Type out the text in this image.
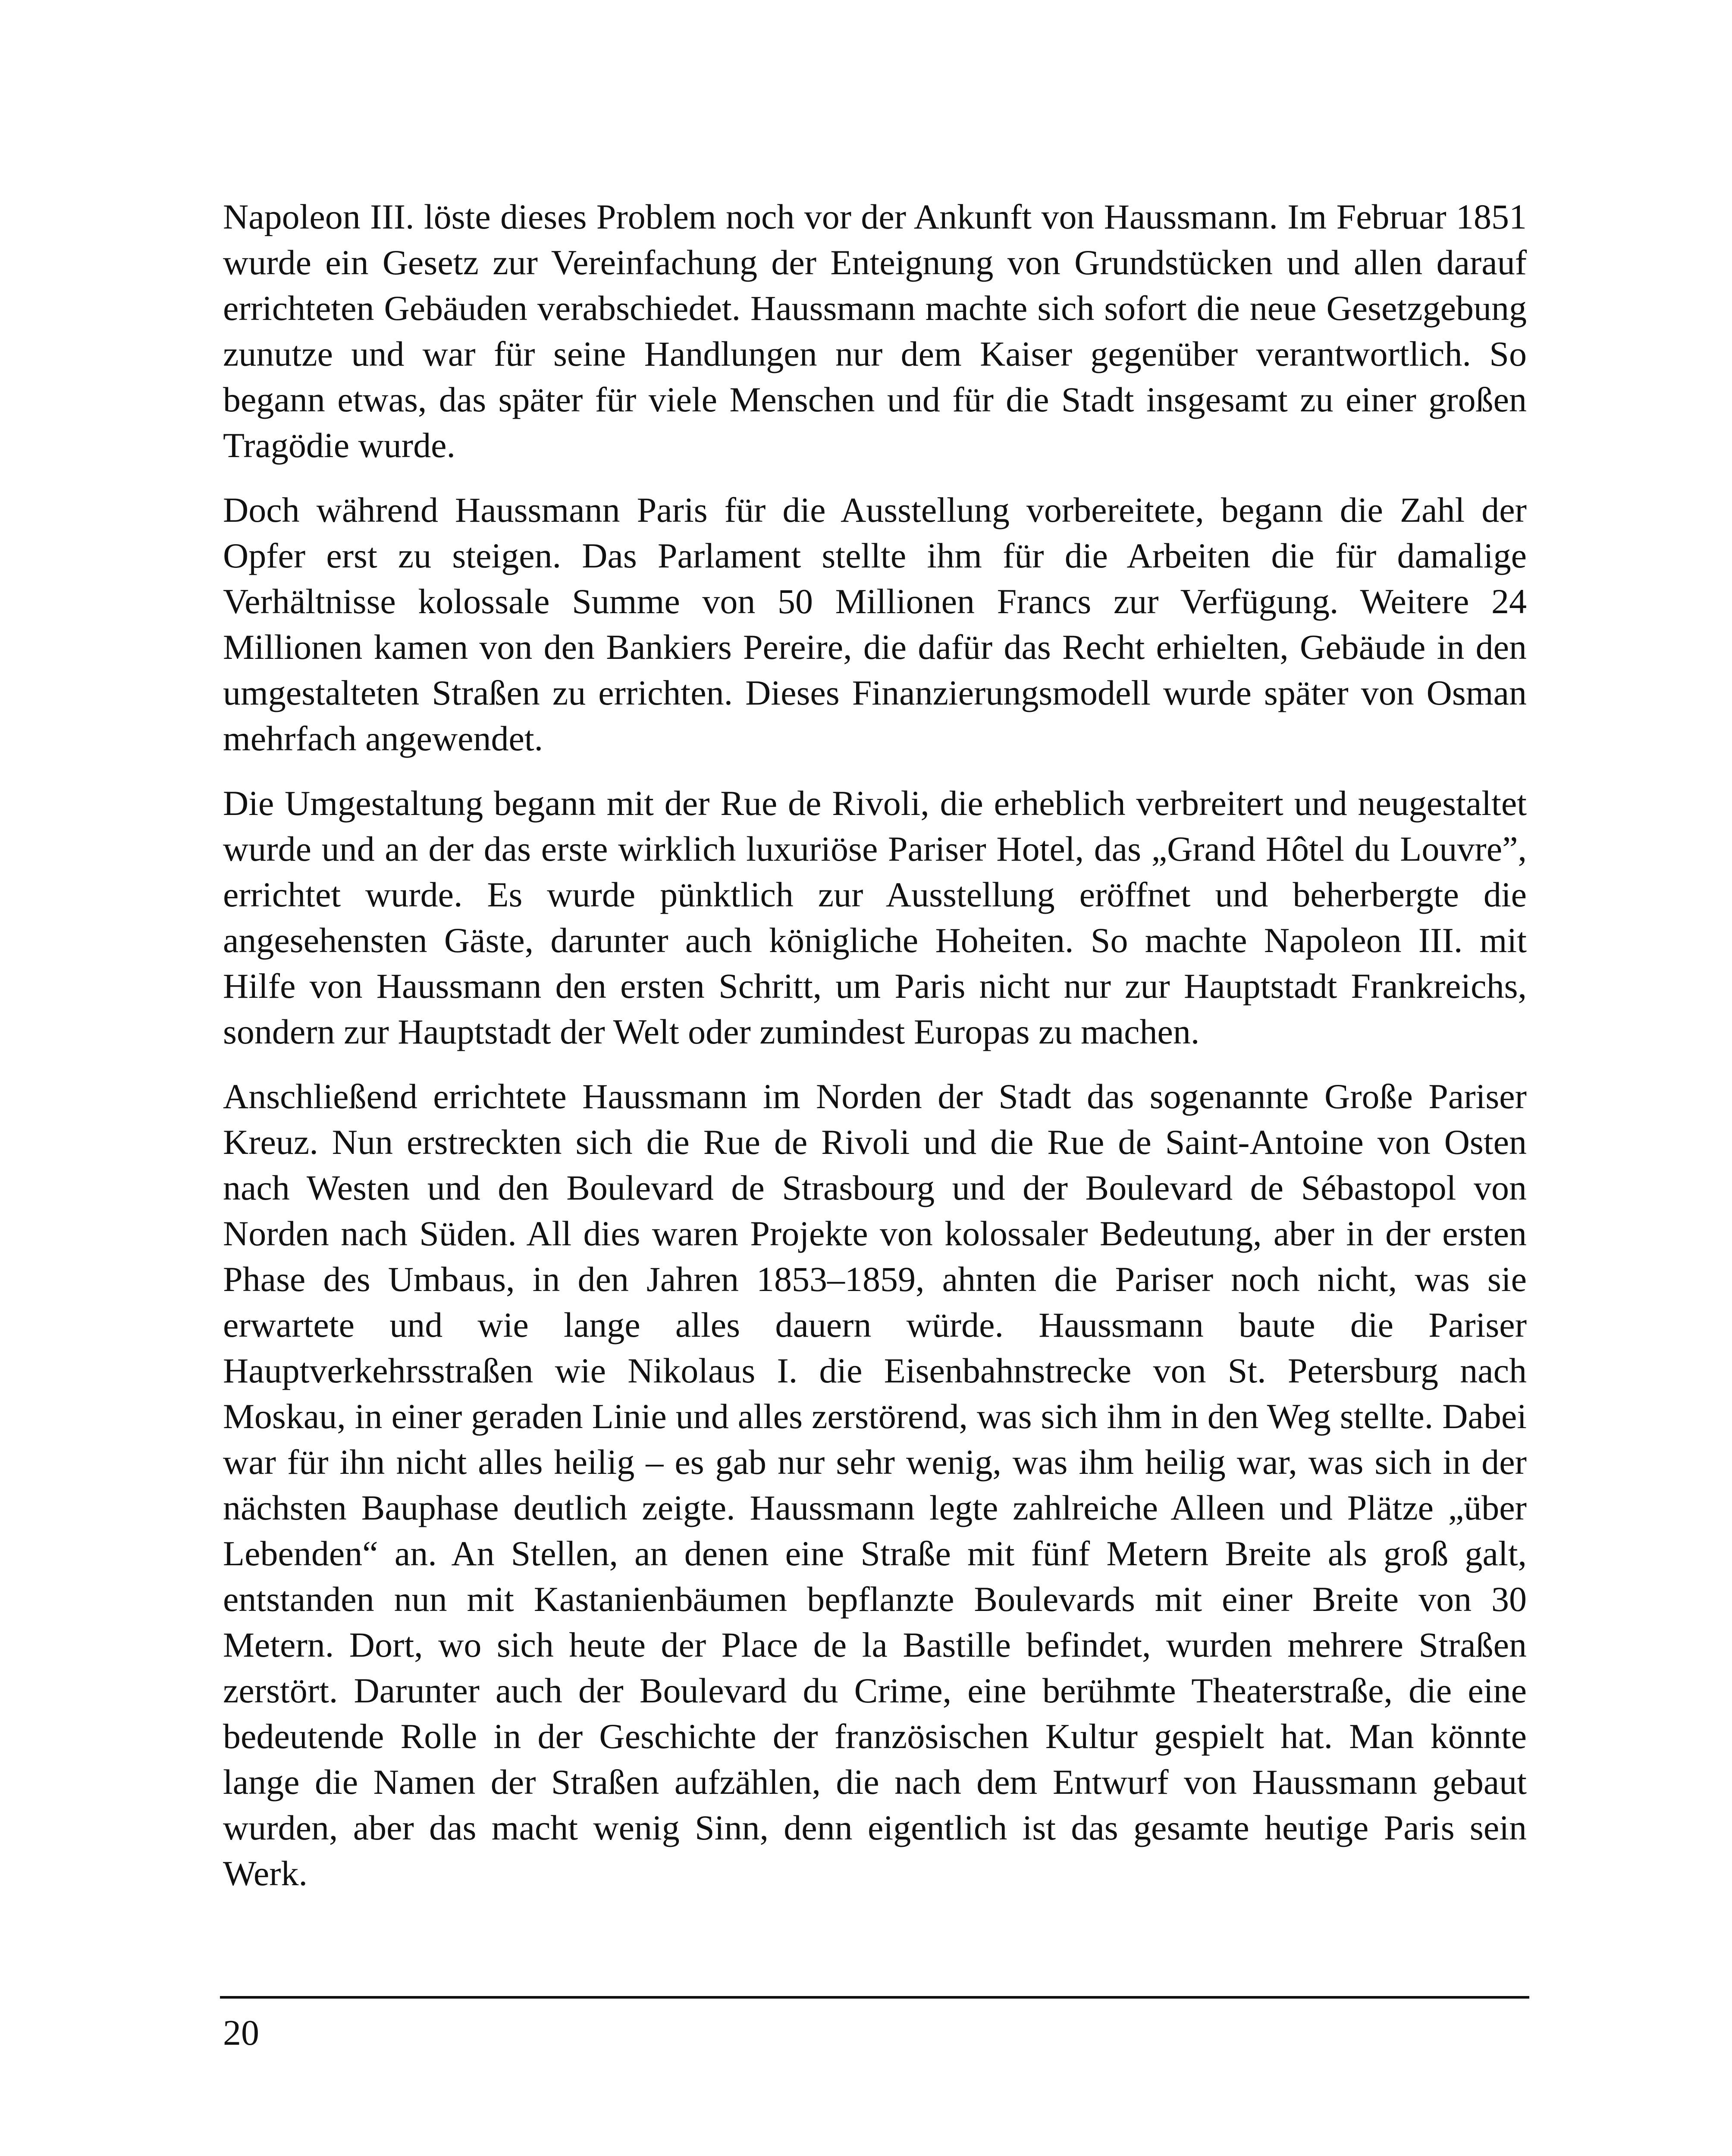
Napoleon III. löste dieses Problem noch vor der Ankunft von Haussmann. Im Februar 1851 wurde ein Gesetz zur Vereinfachung der Enteignung von Grundstücken und allen darauf errichteten Gebäuden verabschiedet. Haussmann machte sich sofort die neue Gesetzgebung zunutze und war für seine Handlungen nur dem Kaiser gegenüber verantwortlich. So begann etwas, das später für viele Menschen und für die Stadt insgesamt zu einer großen Tragödie wurde.

Doch während Haussmann Paris für die Ausstellung vorbereitete, begann die Zahl der Opfer erst zu steigen. Das Parlament stellte ihm für die Arbeiten die für damalige Verhältnisse kolossale Summe von 50 Millionen Francs zur Verfügung. Weitere 24 Millionen kamen von den Bankiers Pereire, die dafür das Recht erhielten, Gebäude in den umgestalteten Straßen zu errichten. Dieses Finanzierungsmodell wurde später von Osman mehrfach angewendet.

Die Umgestaltung begann mit der Rue de Rivoli, die erheblich verbreitert und neugestaltet wurde und an der das erste wirklich luxuriöse Pariser Hotel, das „Grand Hôtel du Louvre”, errichtet wurde. Es wurde pünktlich zur Ausstellung eröffnet und beherbergte die angesehensten Gäste, darunter auch königliche Hoheiten. So machte Napoleon III. mit Hilfe von Haussmann den ersten Schritt, um Paris nicht nur zur Hauptstadt Frankreichs, sondern zur Hauptstadt der Welt oder zumindest Europas zu machen.

Anschließend errichtete Haussmann im Norden der Stadt das sogenannte Große Pariser Kreuz. Nun erstreckten sich die Rue de Rivoli und die Rue de Saint-Antoine von Osten nach Westen und den Boulevard de Strasbourg und der Boulevard de Sébastopol von Norden nach Süden. All dies waren Projekte von kolossaler Bedeutung, aber in der ersten Phase des Umbaus, in den Jahren 1853–1859, ahnten die Pariser noch nicht, was sie erwartete und wie lange alles dauern würde. Haussmann baute die Pariser Hauptverkehrsstraßen wie Nikolaus I. die Eisenbahnstrecke von St. Petersburg nach Moskau, in einer geraden Linie und alles zerstörend, was sich ihm in den Weg stellte. Dabei war für ihn nicht alles heilig – es gab nur sehr wenig, was ihm heilig war, was sich in der nächsten Bauphase deutlich zeigte. Haussmann legte zahlreiche Alleen und Plätze „über Lebenden“ an. An Stellen, an denen eine Straße mit fünf Metern Breite als groß galt, entstanden nun mit Kastanienbäumen bepflanzte Boulevards mit einer Breite von 30 Metern. Dort, wo sich heute der Place de la Bastille befindet, wurden mehrere Straßen zerstört. Darunter auch der Boulevard du Crime, eine berühmte Theaterstraße, die eine bedeutende Rolle in der Geschichte der französischen Kultur gespielt hat. Man könnte lange die Namen der Straßen aufzählen, die nach dem Entwurf von Haussmann gebaut wurden, aber das macht wenig Sinn, denn eigentlich ist das gesamte heutige Paris sein Werk.

20
